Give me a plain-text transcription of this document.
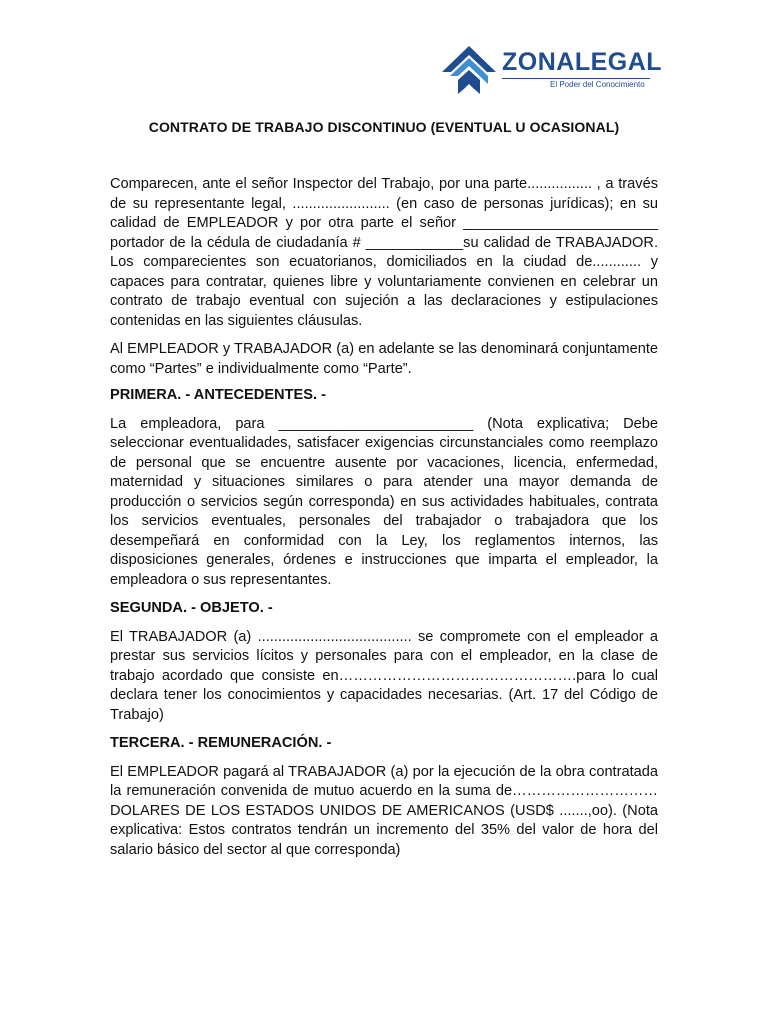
ZONALEGAL
El Poder del Conocimiento
CONTRATO DE TRABAJO DISCONTINUO (EVENTUAL U OCASIONAL)

Comparecen, ante el señor Inspector del Trabajo, por una parte................ , a través de su representante legal, ........................ (en caso de personas jurídicas); en su calidad de EMPLEADOR y por otra parte el señor ________________________ portador de la cédula de ciudadanía # ____________su calidad de TRABAJADOR. Los comparecientes son ecuatorianos, domiciliados en la ciudad de............ y capaces para contratar, quienes libre y voluntariamente convienen en celebrar un contrato de trabajo eventual con sujeción a las declaraciones y estipulaciones contenidas en las siguientes cláusulas.

Al EMPLEADOR y TRABAJADOR (a) en adelante se las denominará conjuntamente como “Partes” e individualmente como “Parte”.

PRIMERA. - ANTECEDENTES. -

La empleadora, para ________________________ (Nota explicativa; Debe seleccionar eventualidades, satisfacer exigencias circunstanciales como reemplazo de personal que se encuentre ausente por vacaciones, licencia, enfermedad, maternidad y situaciones similares o para atender una mayor demanda de producción o servicios según corresponda) en sus actividades habituales, contrata los servicios eventuales, personales del trabajador o trabajadora que los desempeñará en conformidad con la Ley, los reglamentos internos, las disposiciones generales, órdenes e instrucciones que imparta el empleador, la empleadora o sus representantes.

SEGUNDA. - OBJETO. -

El TRABAJADOR (a) ...................................... se compromete con el empleador a prestar sus servicios lícitos y personales para con el empleador, en la clase de trabajo acordado que consiste en………………………………………….para lo cual declara tener los conocimientos y capacidades necesarias. (Art. 17 del Código de Trabajo)

TERCERA. - REMUNERACIÓN. -

El EMPLEADOR pagará al TRABAJADOR (a) por la ejecución de la obra contratada la remuneración convenida de mutuo acuerdo en la suma de………………………… DOLARES DE LOS ESTADOS UNIDOS DE AMERICANOS (USD$ .......,oo). (Nota explicativa: Estos contratos tendrán un incremento del 35% del valor de hora del salario básico del sector al que corresponda)
